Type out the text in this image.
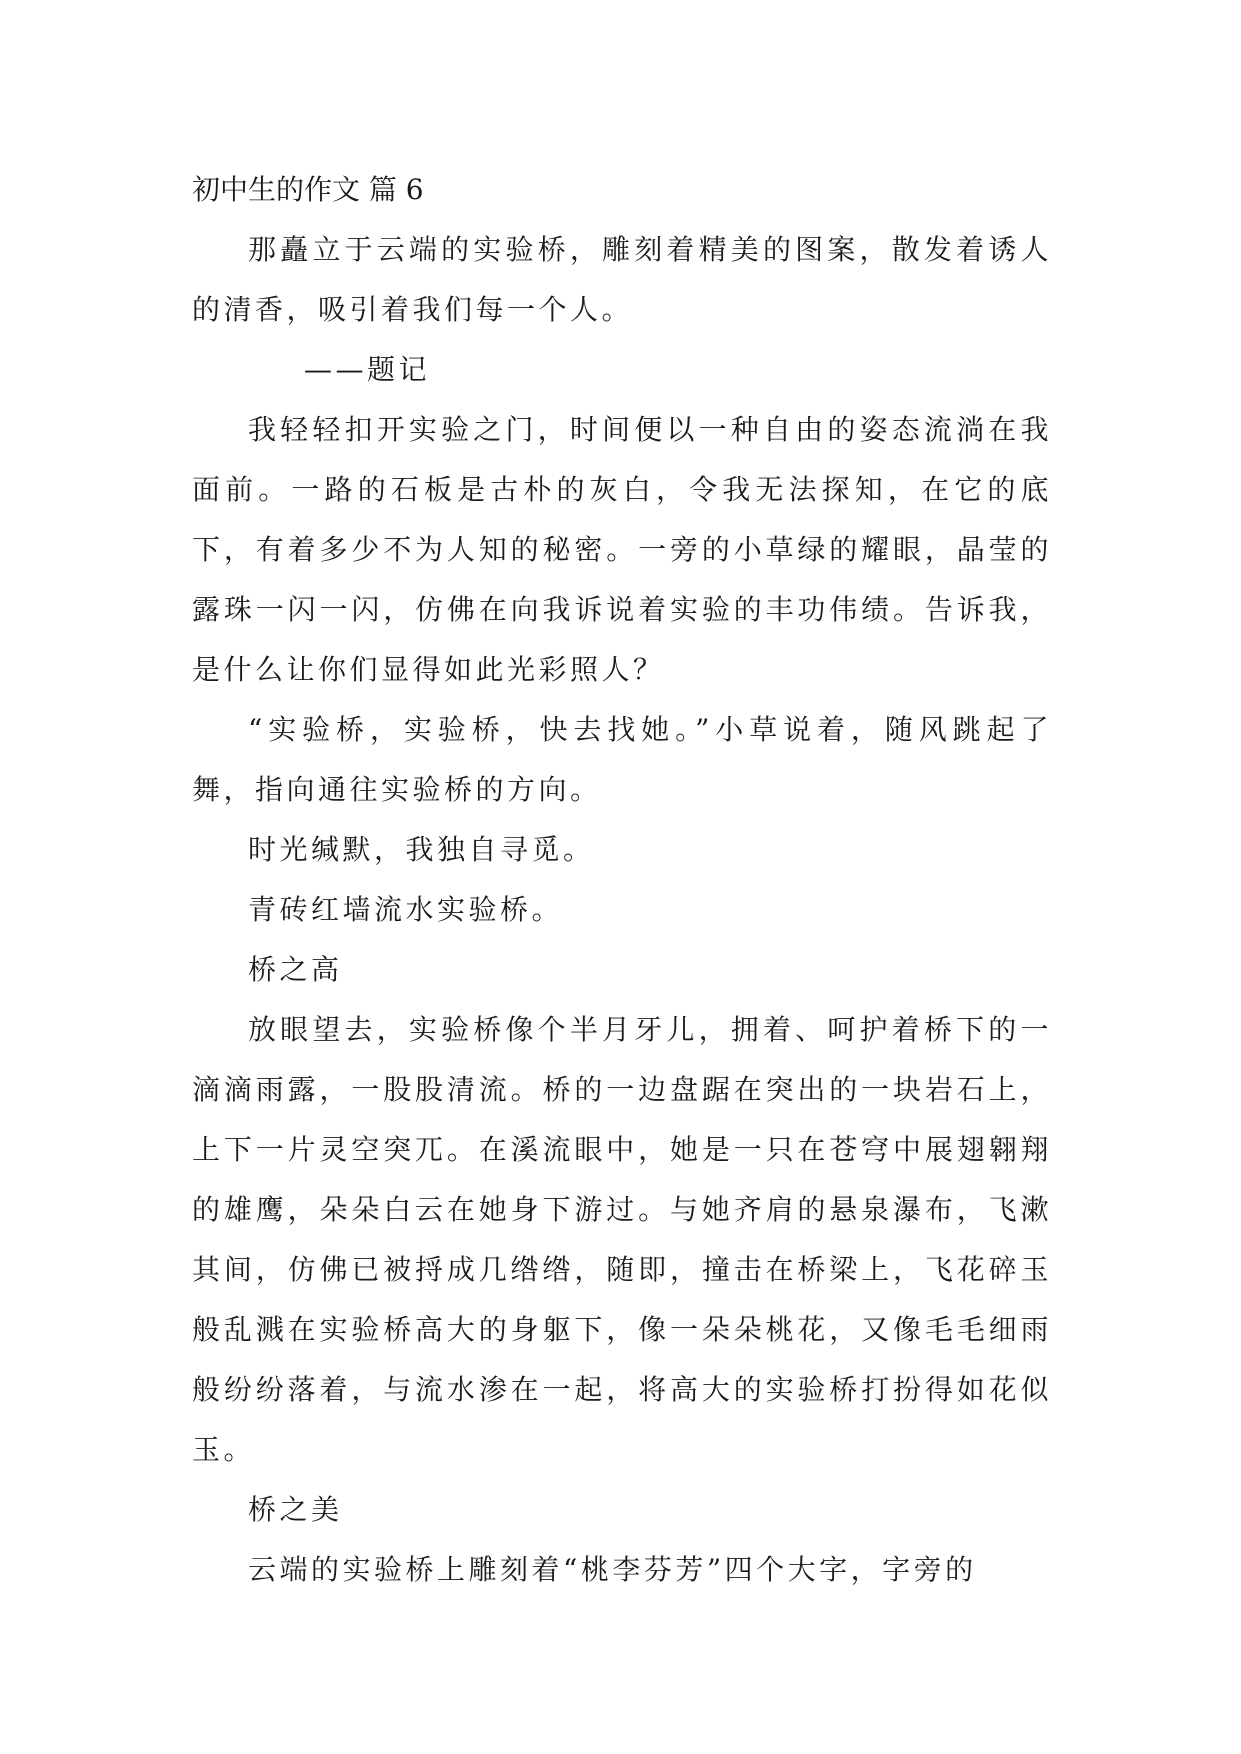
初中生的作文 篇 6

那矗立于云端的实验桥，雕刻着精美的图案，散发着诱人的清香，吸引着我们每一个人。

——题记

我轻轻扣开实验之门，时间便以一种自由的姿态流淌在我面前。一路的石板是古朴的灰白，令我无法探知，在它的底下，有着多少不为人知的秘密。一旁的小草绿的耀眼，晶莹的露珠一闪一闪，仿佛在向我诉说着实验的丰功伟绩。告诉我，是什么让你们显得如此光彩照人？

“实验桥，实验桥，快去找她。”小草说着，随风跳起了舞，指向通往实验桥的方向。

时光缄默，我独自寻觅。

青砖红墙流水实验桥。

桥之高

放眼望去，实验桥像个半月牙儿，拥着、呵护着桥下的一滴滴雨露，一股股清流。桥的一边盘踞在突出的一块岩石上，上下一片灵空突兀。在溪流眼中，她是一只在苍穹中展翅翱翔的雄鹰，朵朵白云在她身下游过。与她齐肩的悬泉瀑布，飞漱其间，仿佛已被捋成几绺绺，随即，撞击在桥梁上，飞花碎玉般乱溅在实验桥高大的身躯下，像一朵朵桃花，又像毛毛细雨般纷纷落着，与流水渗在一起，将高大的实验桥打扮得如花似玉。

桥之美

云端的实验桥上雕刻着“桃李芬芳”四个大字，字旁的
